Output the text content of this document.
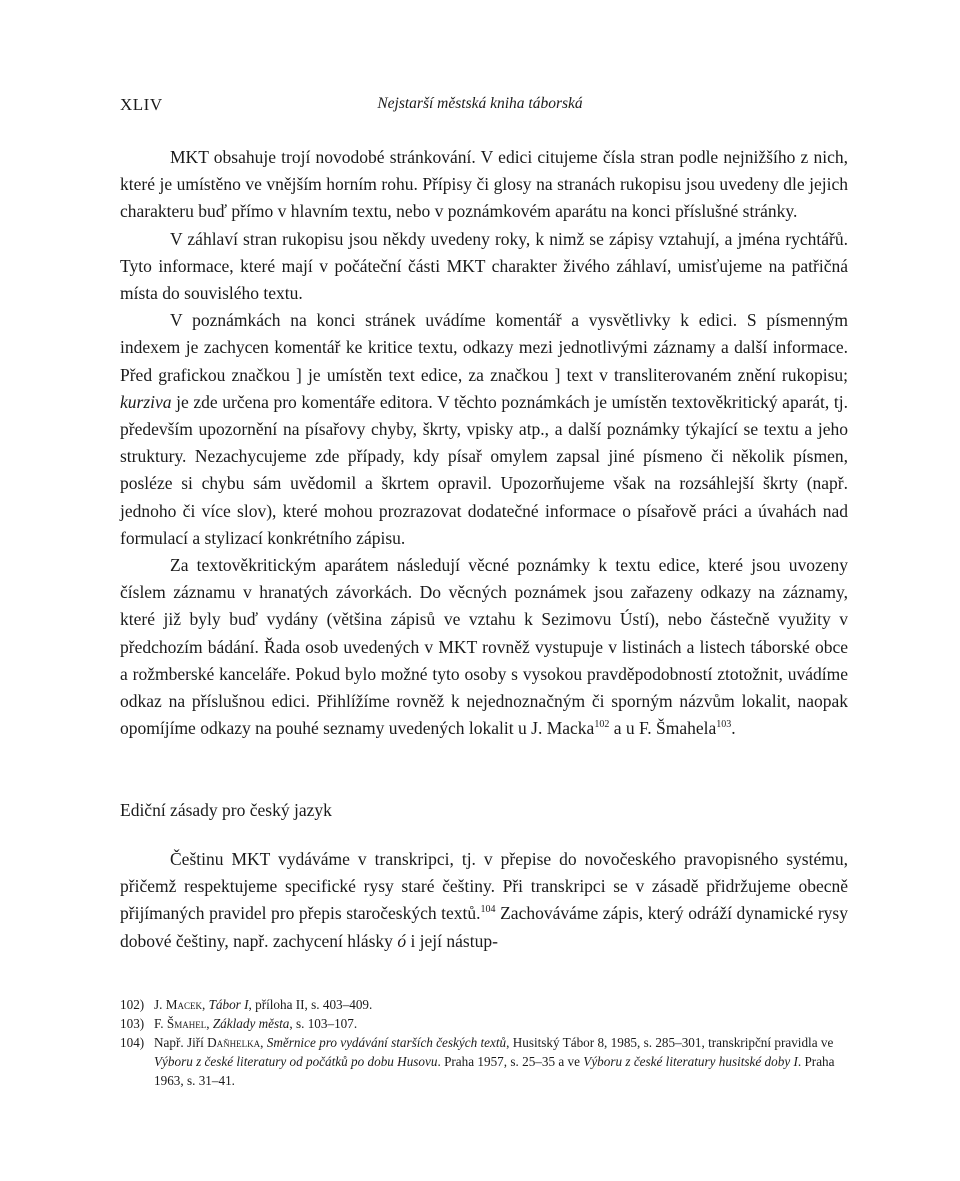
XLIV	Nejstarší městská kniha táborská

MKT obsahuje trojí novodobé stránkování. V edici citujeme čísla stran podle nejnižšího z nich, které je umístěno ve vnějším horním rohu. Přípisy či glosy na stranách rukopisu jsou uvedeny dle jejich charakteru buď přímo v hlavním textu, nebo v poznámkovém aparátu na konci příslušné stránky.

V záhlaví stran rukopisu jsou někdy uvedeny roky, k nimž se zápisy vztahují, a jména rychtářů. Tyto informace, které mají v počáteční části MKT charakter živého záhlaví, umisťujeme na patřičná místa do souvislého textu.

V poznámkách na konci stránek uvádíme komentář a vysvětlivky k edici. S písmenným indexem je zachycen komentář ke kritice textu, odkazy mezi jednotlivými záznamy a další informace. Před grafickou značkou ] je umístěn text edice, za značkou ] text v transliterovaném znění rukopisu; kurziva je zde určena pro komentáře editora. V těchto poznámkách je umístěn textověkritický aparát, tj. především upozornění na písařovy chyby, škrty, vpisky atp., a další poznámky týkající se textu a jeho struktury. Nezachycujeme zde případy, kdy písař omylem zapsal jiné písmeno či několik písmen, posléze si chybu sám uvědomil a škrtem opravil. Upozorňujeme však na rozsáhlejší škrty (např. jednoho či více slov), které mohou prozrazovat dodatečné informace o písařově práci a úvahách nad formulací a stylizací konkrétního zápisu.

Za textověkritickým aparátem následují věcné poznámky k textu edice, které jsou uvozeny číslem záznamu v hranatých závorkách. Do věcných poznámek jsou zařazeny odkazy na záznamy, které již byly buď vydány (většina zápisů ve vztahu k Sezimovu Ústí), nebo částečně využity v předchozím bádání. Řada osob uvedených v MKT rovněž vystupuje v listinách a listech táborské obce a rožmberské kanceláře. Pokud bylo možné tyto osoby s vysokou pravděpodobností ztotožnit, uvádíme odkaz na příslušnou edici. Přihlížíme rovněž k nejednoznačným či sporným názvům lokalit, naopak opomíjíme odkazy na pouhé seznamy uvedených lokalit u J. Macka$^{102}$ a u F. Šmahela$^{103}$.

Ediční zásady pro český jazyk

Češtinu MKT vydáváme v transkripci, tj. v přepise do novočeského pravopisného systému, přičemž respektujeme specifické rysy staré češtiny. Při transkripci se v zásadě přidržujeme obecně přijímaných pravidel pro přepis staročeských textů.$^{104}$ Zachováváme zápis, který odráží dynamické rysy dobové češtiny, např. zachycení hlásky ó i její nástup-

102) J. Macek, Tábor I, příloha II, s. 403–409.
103) F. Šmahel, Základy města, s. 103–107.
104) Např. Jiří Daňhelka, Směrnice pro vydávání starších českých textů, Husitský Tábor 8, 1985, s. 285–301, transkripční pravidla ve Výboru z české literatury od počátků po dobu Husovu. Praha 1957, s. 25–35 a ve Výboru z české literatury husitské doby I. Praha 1963, s. 31–41.
